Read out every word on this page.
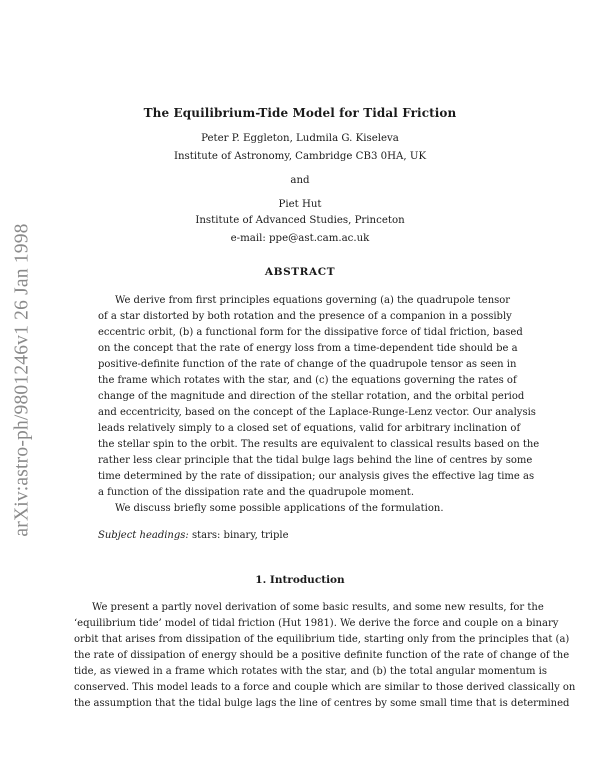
arXiv:astro-ph/9801246v1 26 Jan 1998
The Equilibrium-Tide Model for Tidal Friction
Peter P. Eggleton, Ludmila G. Kiseleva
Institute of Astronomy, Cambridge CB3 0HA, UK
and
Piet Hut
Institute of Advanced Studies, Princeton
e-mail: ppe@ast.cam.ac.uk
ABSTRACT
We derive from first principles equations governing (a) the quadrupole tensor
of a star distorted by both rotation and the presence of a companion in a possibly
eccentric orbit, (b) a functional form for the dissipative force of tidal friction, based
on the concept that the rate of energy loss from a time-dependent tide should be a
positive-definite function of the rate of change of the quadrupole tensor as seen in
the frame which rotates with the star, and (c) the equations governing the rates of
change of the magnitude and direction of the stellar rotation, and the orbital period
and eccentricity, based on the concept of the Laplace-Runge-Lenz vector. Our analysis
leads relatively simply to a closed set of equations, valid for arbitrary inclination of
the stellar spin to the orbit. The results are equivalent to classical results based on the
rather less clear principle that the tidal bulge lags behind the line of centres by some
time determined by the rate of dissipation; our analysis gives the effective lag time as
a function of the dissipation rate and the quadrupole moment.
We discuss briefly some possible applications of the formulation.
Subject headings: stars: binary, triple
1. Introduction
We present a partly novel derivation of some basic results, and some new results, for the
‘equilibrium tide’ model of tidal friction (Hut 1981). We derive the force and couple on a binary
orbit that arises from dissipation of the equilibrium tide, starting only from the principles that (a)
the rate of dissipation of energy should be a positive definite function of the rate of change of the
tide, as viewed in a frame which rotates with the star, and (b) the total angular momentum is
conserved. This model leads to a force and couple which are similar to those derived classically on
the assumption that the tidal bulge lags the line of centres by some small time that is determined
